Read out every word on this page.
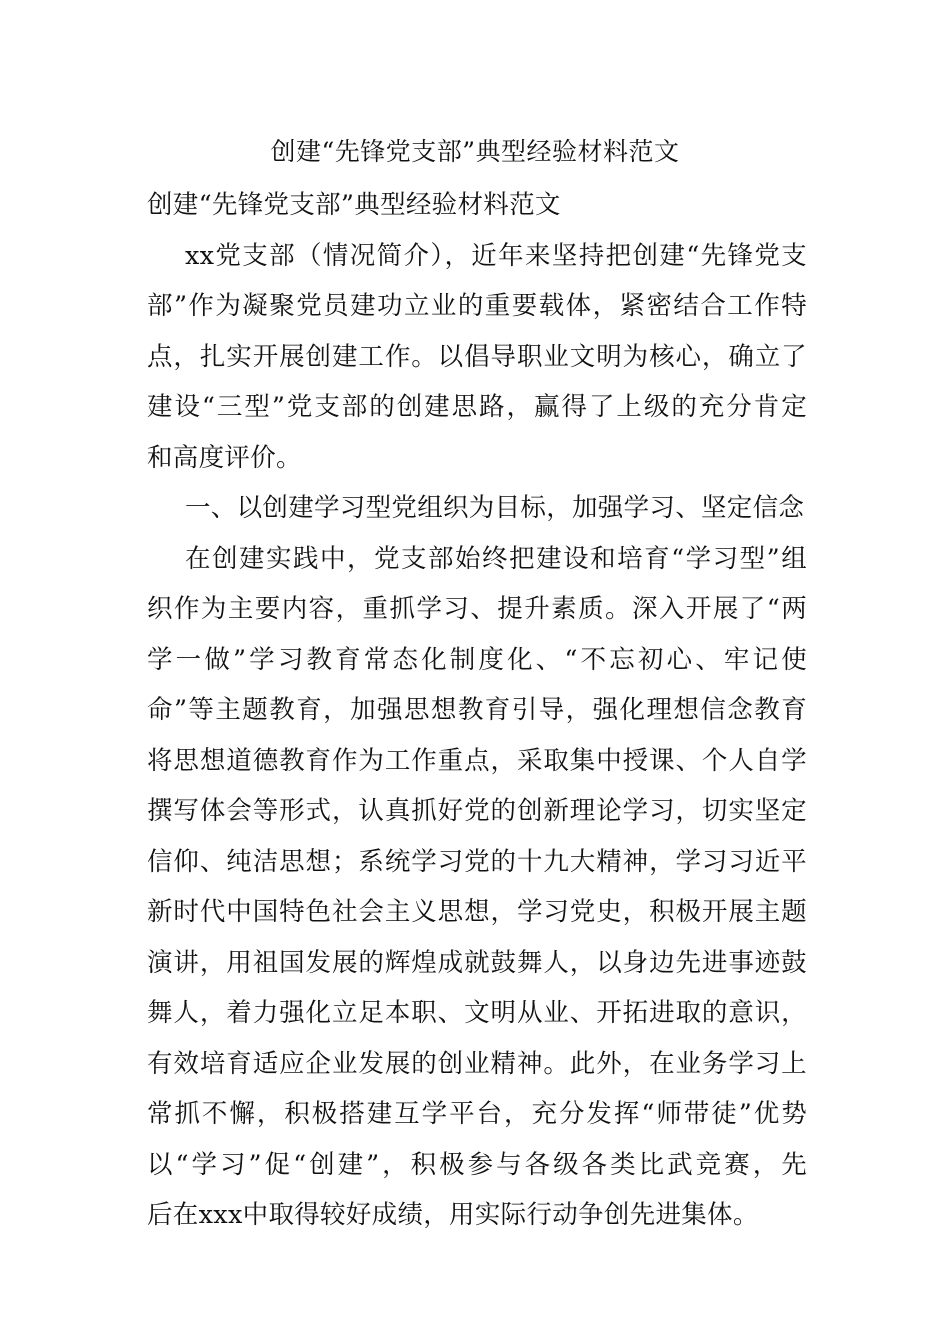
创建“先锋党支部”典型经验材料范文
创建“先锋党支部”典型经验材料范文
xx党支部（情况简介），近年来坚持把创建“先锋党支
部”作为凝聚党员建功立业的重要载体，紧密结合工作特
点，扎实开展创建工作。以倡导职业文明为核心，确立了
建设“三型”党支部的创建思路，赢得了上级的充分肯定
和高度评价。
一、以创建学习型党组织为目标，加强学习、坚定信念
在创建实践中，党支部始终把建设和培育“学习型”组
织作为主要内容，重抓学习、提升素质。深入开展了“两
学一做”学习教育常态化制度化、“不忘初心、牢记使
命”等主题教育，加强思想教育引导，强化理想信念教育
将思想道德教育作为工作重点，采取集中授课、个人自学
撰写体会等形式，认真抓好党的创新理论学习，切实坚定
信仰、纯洁思想；系统学习党的十九大精神，学习习近平
新时代中国特色社会主义思想，学习党史，积极开展主题
演讲，用祖国发展的辉煌成就鼓舞人，以身边先进事迹鼓
舞人，着力强化立足本职、文明从业、开拓进取的意识，
有效培育适应企业发展的创业精神。此外，在业务学习上
常抓不懈，积极搭建互学平台，充分发挥“师带徒”优势
以“学习”促“创建”，积极参与各级各类比武竞赛，先
后在xxx中取得较好成绩，用实际行动争创先进集体。
